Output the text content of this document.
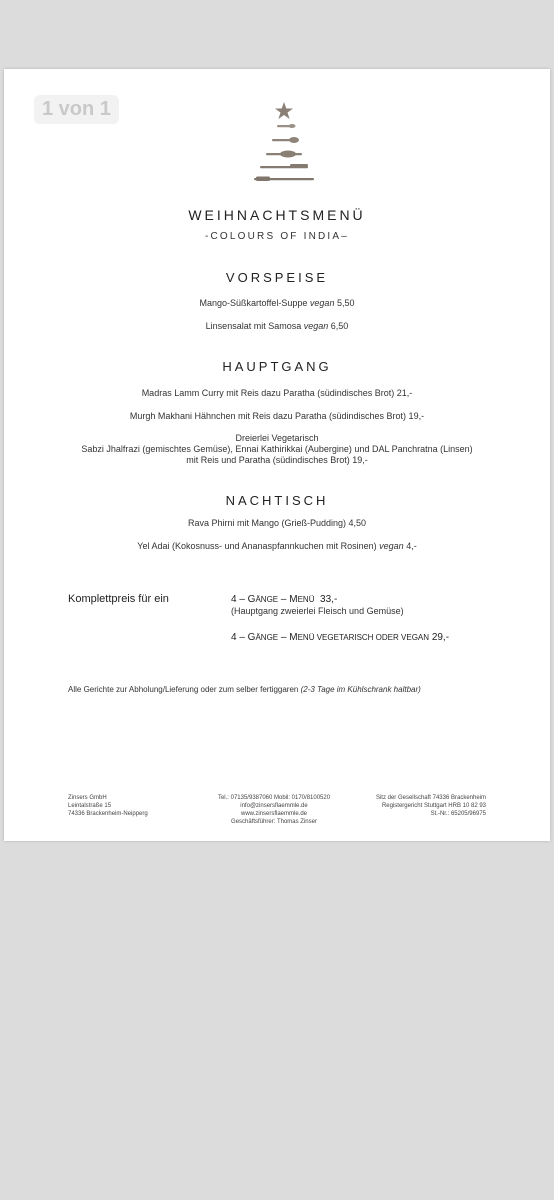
1 von 1
WEIHNACHTSMENÜ
-COLOURS OF INDIA–
VORSPEISE
Mango-Süßkartoffel-Suppe vegan 5,50
Linsensalat mit Samosa vegan 6,50
HAUPTGANG
Madras Lamm Curry mit Reis dazu Paratha (südindisches Brot) 21,-
Murgh Makhani Hähnchen mit Reis dazu Paratha (südindisches Brot) 19,-
Dreierlei Vegetarisch
Sabzi Jhalfrazi (gemischtes Gemüse), Ennai Kathirikkai (Aubergine) und DAL Panchratna (Linsen)
mit Reis und Paratha (südindisches Brot) 19,-
NACHTISCH
Rava Phirni mit Mango (Grieß-Pudding) 4,50
Yel Adai (Kokosnuss- und Ananaspfannkuchen mit Rosinen) vegan 4,-
Komplettpreis für ein	4 – GÄNGE – MENÜ 33,-
(Hauptgang zweierlei Fleisch und Gemüse)
4 – GÄNGE – MENÜ VEGETARISCH ODER VEGAN 29,-
Alle Gerichte zur Abholung/Lieferung oder zum selber fertiggaren (2-3 Tage im Kühlschrank haltbar)
Zinsers GmbH
Leintalstraße 15
74336 Brackenheim-Neipperg
Tel.: 07135/9387060 Mobil: 0170/8100520
info@zinsersflaemmle.de
www.zinsersflaemmle.de
Geschäftsführer: Thomas Zinser
Sitz der Gesellschaft 74336 Brackenheim
Registergericht Stuttgart HRB 10 82 93
St.-Nr.: 65205/96975
